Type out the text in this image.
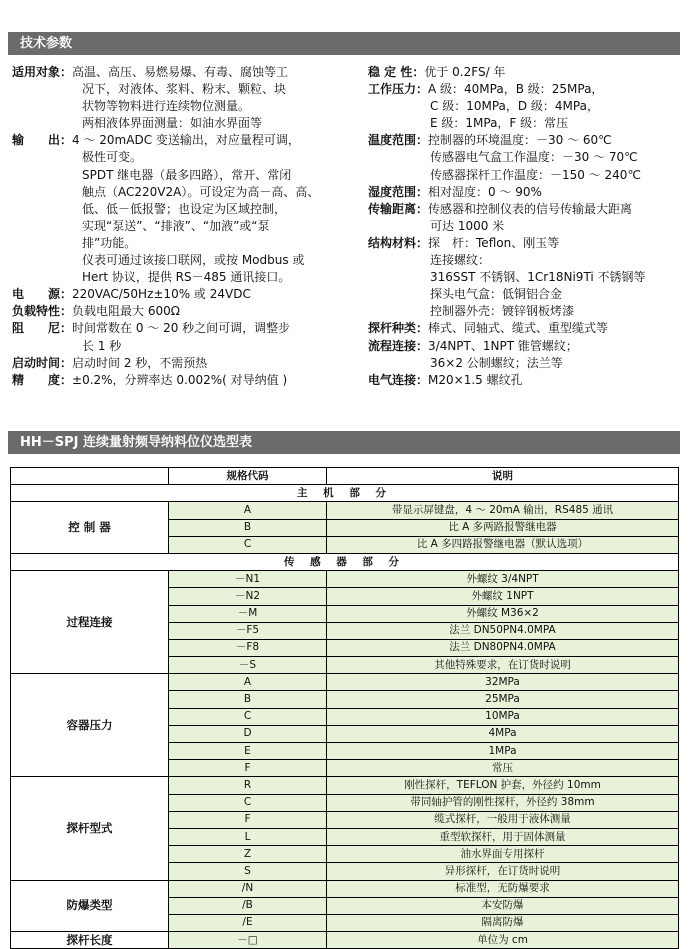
技术参数
适用对象： 高温、高压、易燃易爆、有毒、腐蚀等工
况下，对液体、浆料、粉末、颗粒、块
状物等物料进行连续物位测量。
两相液体界面测量：如油水界面等
输　　出： 4 ～ 20mADC 变送输出，对应量程可调，
极性可变。
SPDT 继电器（最多四路），常开、常闭
触点（AC220V2A）。可设定为高－高、高、
低、低－低报警；也设定为区域控制，
实现“泵送”、“排液”、“加液”或“泵
排”功能。
仪表可通过该接口联网，或按 Modbus 或
Hert 协议，提供 RS－485 通讯接口。
电　　源： 220VAC/50Hz±10% 或 24VDC
负载特性： 负载电阻最大 600Ω
阻　　尼： 时间常数在 0 ～ 20 秒之间可调，调整步
长 1 秒
启动时间： 启动时间 2 秒，不需预热
精　　度： ±0.2%，分辨率达 0.002%( 对导纳值 )
稳 定 性： 优于 0.2FS/ 年
工作压力： A 级：40MPa，B 级：25MPa，
C 级：10MPa，D 级：4MPa，
E 级：1MPa，F 级：常压
温度范围： 控制器的环境温度：－30 ～ 60℃
传感器电气盒工作温度：－30 ～ 70℃
传感器探杆工作温度：－150 ～ 240℃
湿度范围： 相对湿度：0 ～ 90%
传输距离： 传感器和控制仪表的信号传输最大距离
可达 1000 米
结构材料： 探　杆：Teflon、刚玉等
连接螺纹：
316SST 不锈钢、1Cr18Ni9Ti 不锈钢等
探头电气盒：低铜铝合金
控制器外壳：镀锌钢板烤漆
探杆种类： 棒式、同轴式、缆式、重型缆式等
流程连接： 3/4NPT、1NPT 锥管螺纹；
36×2 公制螺纹；法兰等
电气连接： M20×1.5 螺纹孔
HH－SPJ 连续量射频导纳料位仪选型表
	规格代码	说明
主 机 部 分		
控 制 器	A	带显示屏键盘，4 ～ 20mA 输出，RS485 通讯
	B	比 A 多两路报警继电器
	C	比 A 多四路报警继电器（默认选项）
传 感 器 部 分		
过程连接	－N1	外螺纹 3/4NPT
	－N2	外螺纹 1NPT
	－M	外螺纹 M36×2
	－F5	法兰 DN50PN4.0MPA
	－F8	法兰 DN80PN4.0MPA
	－S	其他特殊要求，在订货时说明
容器压力	A	32MPa
	B	25MPa
	C	10MPa
	D	4MPa
	E	1MPa
	F	常压
探杆型式	R	刚性探杆，TEFLON 护套，外径约 10mm
	C	带同轴护管的刚性探杆，外径约 38mm
	F	缆式探杆，一般用于液体测量
	L	重型软探杆，用于固体测量
	Z	油水界面专用探杆
	S	异形探杆，在订货时说明
防爆类型	/N	标准型，无防爆要求
	/B	本安防爆
	/E	隔离防爆
探杆长度	－□	单位为 cm
